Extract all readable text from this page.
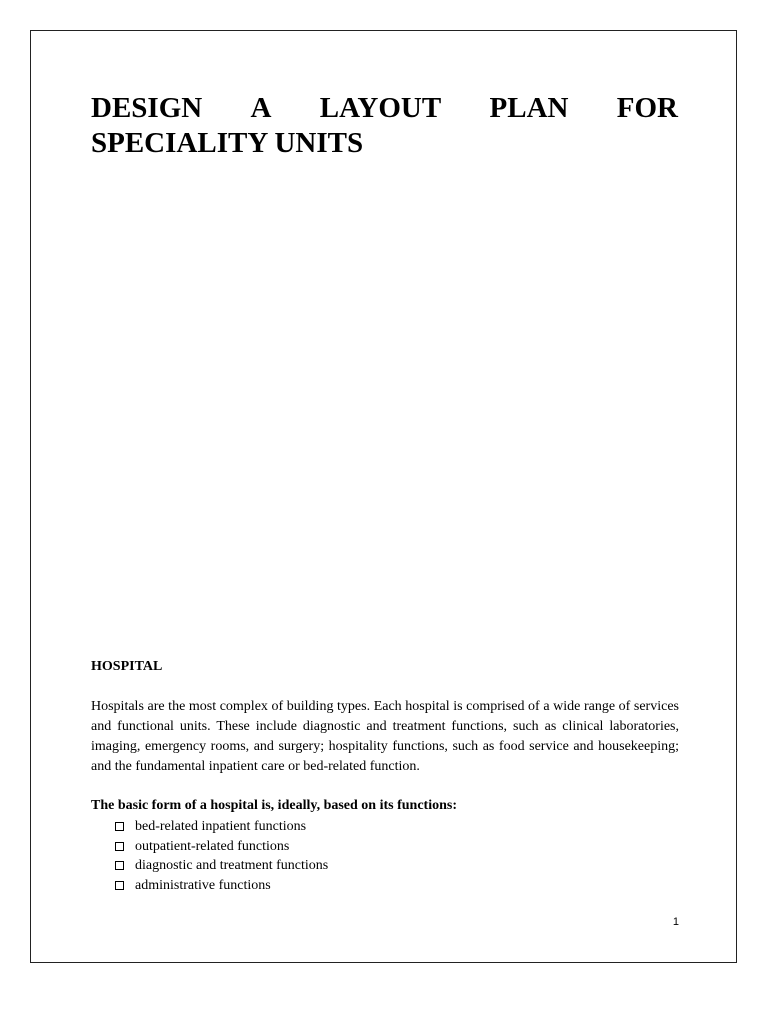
DESIGN A LAYOUT PLAN FOR
SPECIALITY UNITS
HOSPITAL

Hospitals are the most complex of building types. Each hospital is comprised of a wide range of services and functional units. These include diagnostic and treatment functions, such as clinical laboratories, imaging, emergency rooms, and surgery; hospitality functions, such as food service and housekeeping; and the fundamental inpatient care or bed-related function.

The basic form of a hospital is, ideally, based on its functions:

bed-related inpatient functions
outpatient-related functions
diagnostic and treatment functions
administrative functions
1
